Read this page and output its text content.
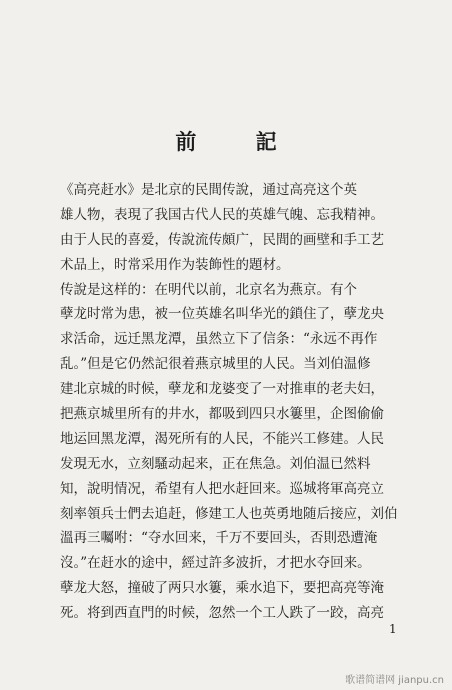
前 記
《高亮赶水》是北京的民間传說，通过高亮这个英
雄人物，表現了我国古代人民的英雄气魄、忘我精神。
由于人民的喜爱，传說流传頗广，民間的画壁和手工艺
术品上，时常采用作为装飾性的題材。
传說是这样的：在明代以前，北京名为燕京。有个
孽龙时常为患，被一位英雄名叫华光的鎖住了，孽龙央
求活命，远迁黑龙潭，虽然立下了信条：“永远不再作
乱。”但是它仍然記很着燕京城里的人民。当刘伯温修
建北京城的时候，孽龙和龙婆变了一对推車的老夫妇，
把燕京城里所有的井水，都吸到四只水簍里，企图偷偷
地运回黑龙潭，渴死所有的人民，不能兴工修建。人民
发現无水，立刻騷动起来，正在焦急。刘伯温已然料
知，說明情况，希望有人把水赶回来。巡城将軍高亮立
刻率領兵士們去追赶，修建工人也英勇地随后接应，刘伯
溫再三囑咐：“夺水回来，千万不要回头，否則恐遭淹
沒。”在赶水的途中，經过許多波折，才把水夺回来。
孽龙大怒，撞破了两只水簍，乘水追下，要把高亮等淹
死。将到西直門的时候，忽然一个工人跌了一跤，高亮
1
歌谱简谱网 jianpu.cn
